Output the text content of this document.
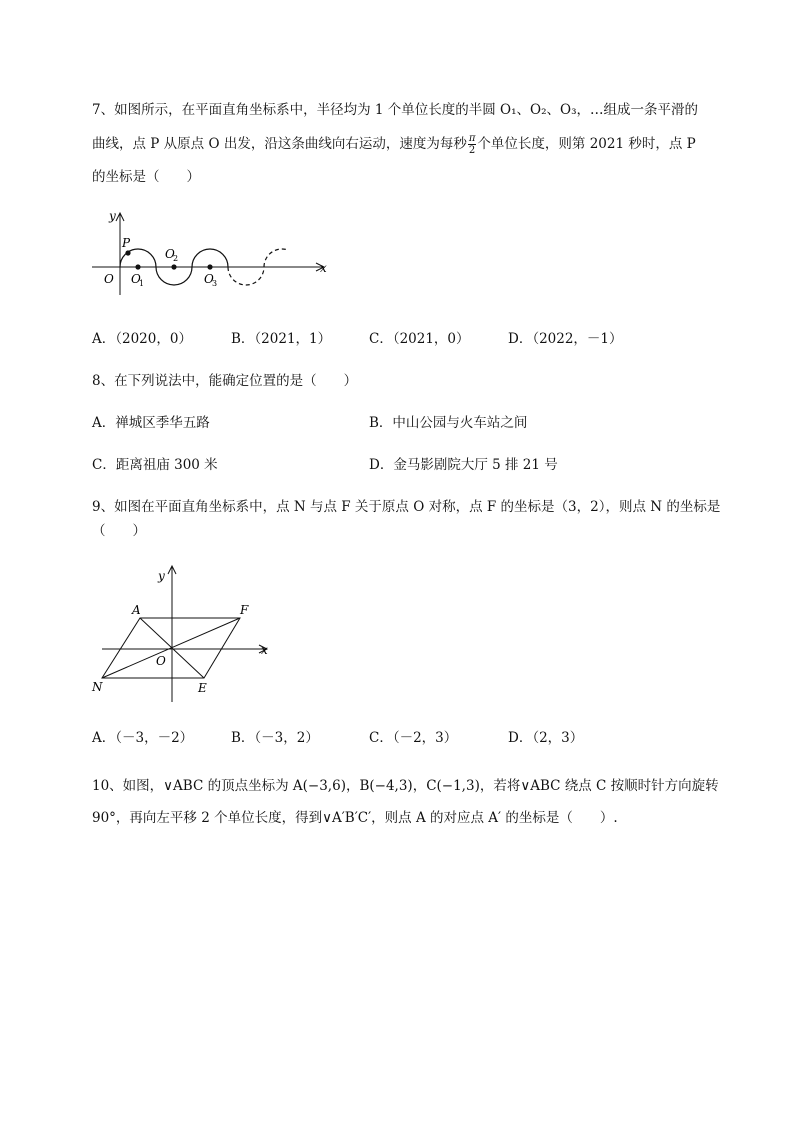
7、如图所示，在平面直角坐标系中，半径均为 1 个单位长度的半圆 O₁、O₂、O₃，…组成一条平滑的
曲线，点 P 从原点 O 出发，沿这条曲线向右运动，速度为每秒 $\frac{\pi}{2}$ 个单位长度，则第 2021 秒时，点 P
的坐标是（　　）
y
x
O
P
O
1
O
2
O
3
A．（2020，0）	B．（2021，1）	C．（2021，0）	D．（2022，－1）
8、在下列说法中，能确定位置的是（　　）
A．禅城区季华五路	B．中山公园与火车站之间
C．距离祖庙 300 米	D．金马影剧院大厅 5 排 21 号
9、如图在平面直角坐标系中，点 N 与点 F 关于原点 O 对称，点 F 的坐标是（3，2），则点 N 的坐标是
（　　）
y
x
O
A	F
N	E
A．（－3，－2）	B．（－3，2）	C．（－2，3）	D．（2，3）
10、如图，∨ABC 的顶点坐标为 A(−3,6)，B(−4,3)，C(−1,3)，若将∨ABC 绕点 C 按顺时针方向旋转
90°，再向左平移 2 个单位长度，得到∨A′B′C′，则点 A 的对应点 A′ 的坐标是（　　）.
